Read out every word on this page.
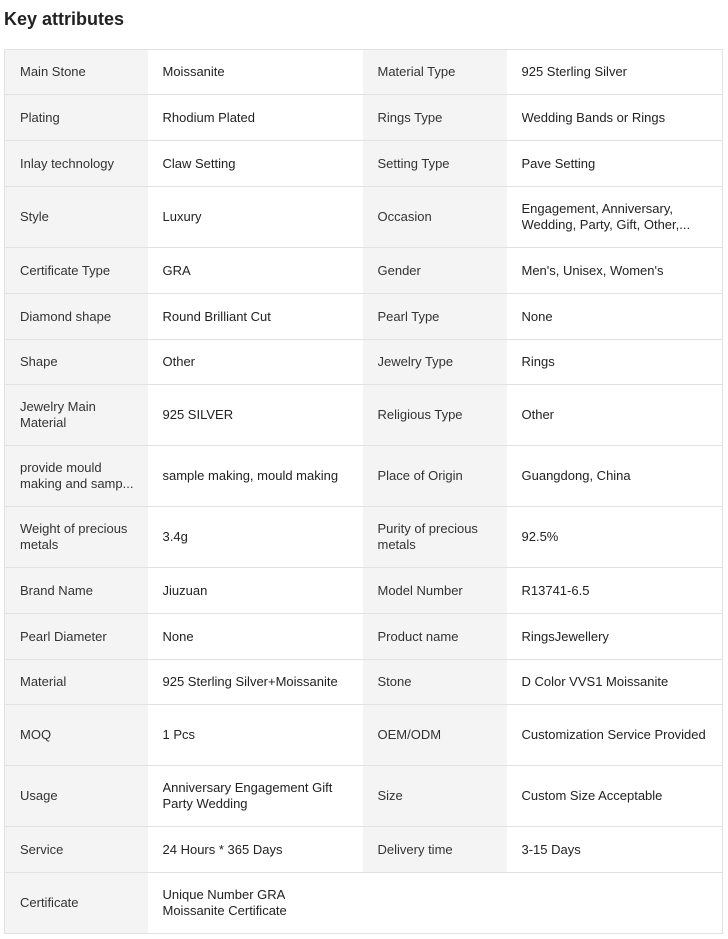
Key attributes
Main Stone	Moissanite	Material Type	925 Sterling Silver

Plating	Rhodium Plated	Rings Type	Wedding Bands or Rings

Inlay technology	Claw Setting	Setting Type	Pave Setting

Style	Luxury	Occasion	Engagement, Anniversary, Wedding, Party, Gift, Other,...

Certificate Type	GRA	Gender	Men's, Unisex, Women's

Diamond shape	Round Brilliant Cut	Pearl Type	None

Shape	Other	Jewelry Type	Rings

Jewelry Main Material	925 SILVER	Religious Type	Other

provide mould making and samp...	sample making, mould making	Place of Origin	Guangdong, China

Weight of precious metals	3.4g	Purity of precious metals	92.5%

Brand Name	Jiuzuan	Model Number	R13741-6.5

Pearl Diameter	None	Product name	RingsJewellery

Material	925 Sterling Silver+Moissanite	Stone	D Color VVS1 Moissanite

MOQ	1 Pcs	OEM/ODM	Customization Service Provided

Usage	Anniversary Engagement Gift Party Wedding	Size	Custom Size Acceptable

Service	24 Hours * 365 Days	Delivery time	3-15 Days

Certificate	Unique Number GRA Moissanite Certificate		
